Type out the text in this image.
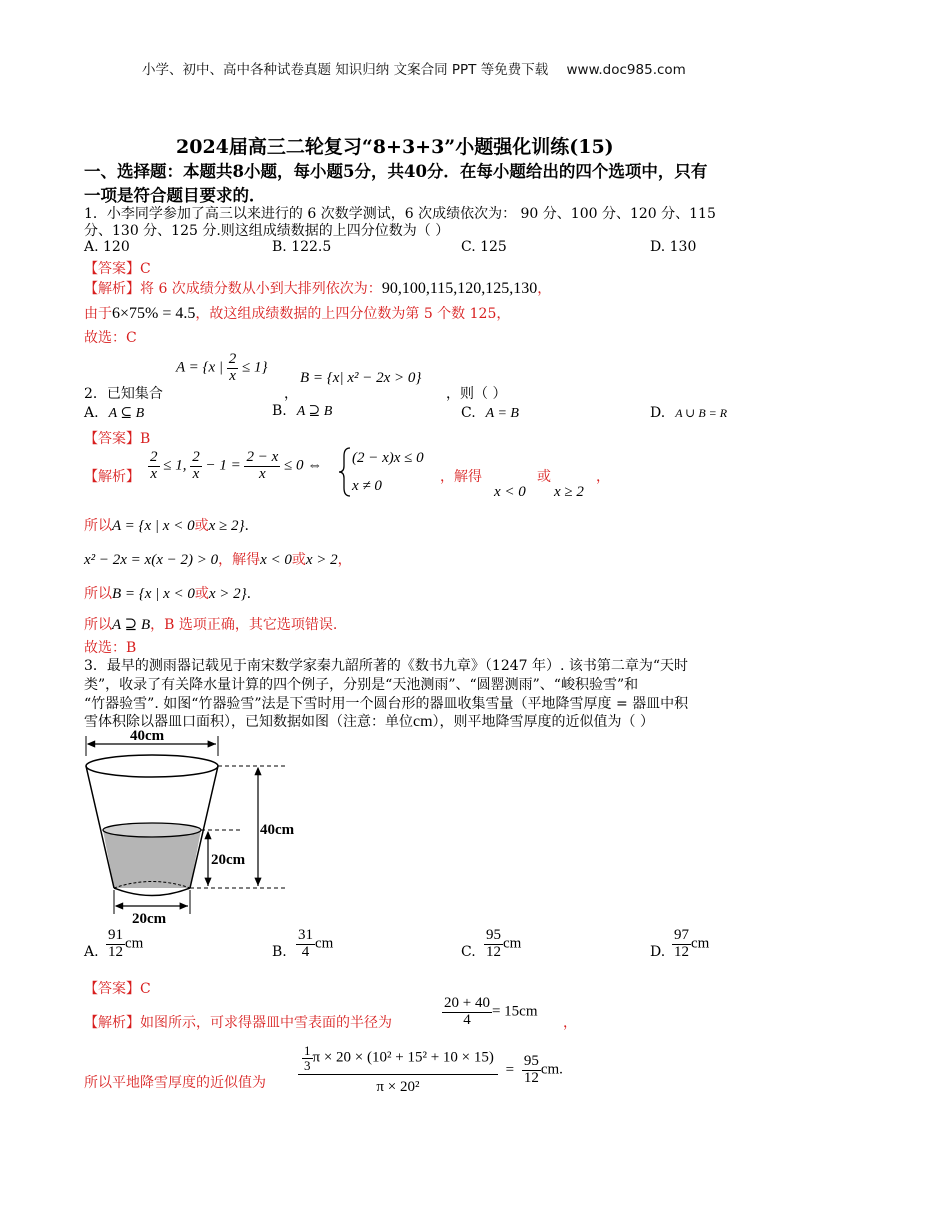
小学、初中、高中各种试卷真题 知识归纳 文案合同 PPT 等免费下载 www.doc985.com
2024届高三二轮复习“8+3+3”小题强化训练(15)
一、选择题：本题共8小题，每小题5分，共40分．在每小题给出的四个选项中，只有
一项是符合题目要求的．
1．小李同学参加了高三以来进行的 6 次数学测试，6 次成绩依次为： 90 分、100 分、120 分、115
分、130 分、125 分.则这组成绩数据的上四分位数为（ ）
A. 120	B. 122.5	C. 125	D. 130
【答案】C
【解析】将 6 次成绩分数从小到大排列依次为：90,100,115,120,125,130，
由于6×75% = 4.5，故这组成绩数据的上四分位数为第 5 个数 125，
故选：C
2．已知集合
A = {x | $\frac{2}{x} \le 1$}
，
B = {x| x² − 2x > 0}
，则（ ）
A. A ⊆ B	B. A ⊇ B	C. A = B	D. A ∪ B = R
【答案】B
【解析】 $\frac{2}{x} \le 1$, $\frac{2}{x} - 1 = \frac{2 - x}{x} \le 0$ ⇔ (2 − x)x ≤ 0
x ≠ 0
，解得
x < 0
或
x ≥ 2
，
所以A = {x | x < 0或x ≥ 2}.
x² − 2x = x(x − 2) > 0，解得x < 0或x > 2，
所以B = {x | x < 0或x > 2}.
所以A ⊇ B，B 选项正确，其它选项错误.
故选：B
3．最早的测雨器记载见于南宋数学家秦九韶所著的《数书九章》（1247 年）. 该书第二章为“天时
类”，收录了有关降水量计算的四个例子，分别是“天池测雨”、“圆罂测雨”、“峻积验雪”和
“竹器验雪”. 如图“竹器验雪”法是下雪时用一个圆台形的器皿收集雪量（平地降雪厚度 = 器皿中积
雪体积除以器皿口面积），已知数据如图（注意：单位cm），则平地降雪厚度的近似值为（ ）
40cm
40cm
20cm
20cm
A. $\frac{91}{12}$ cm
B. $\frac{31}{4}$ cm
C. $\frac{95}{12}$ cm
D. $\frac{97}{12}$ cm
【答案】C
【解析】如图所示，可求得器皿中雪表面的半径为	$\frac{20 + 40}{4} = 15cm$
，
所以平地降雪厚度的近似值为 $\frac{\frac{1}{3} \pi \times 20 \times (10^2 + 15^2 + 10 \times 15)}{\text{π × 20²}} = \frac{95}{12}$ cm.
